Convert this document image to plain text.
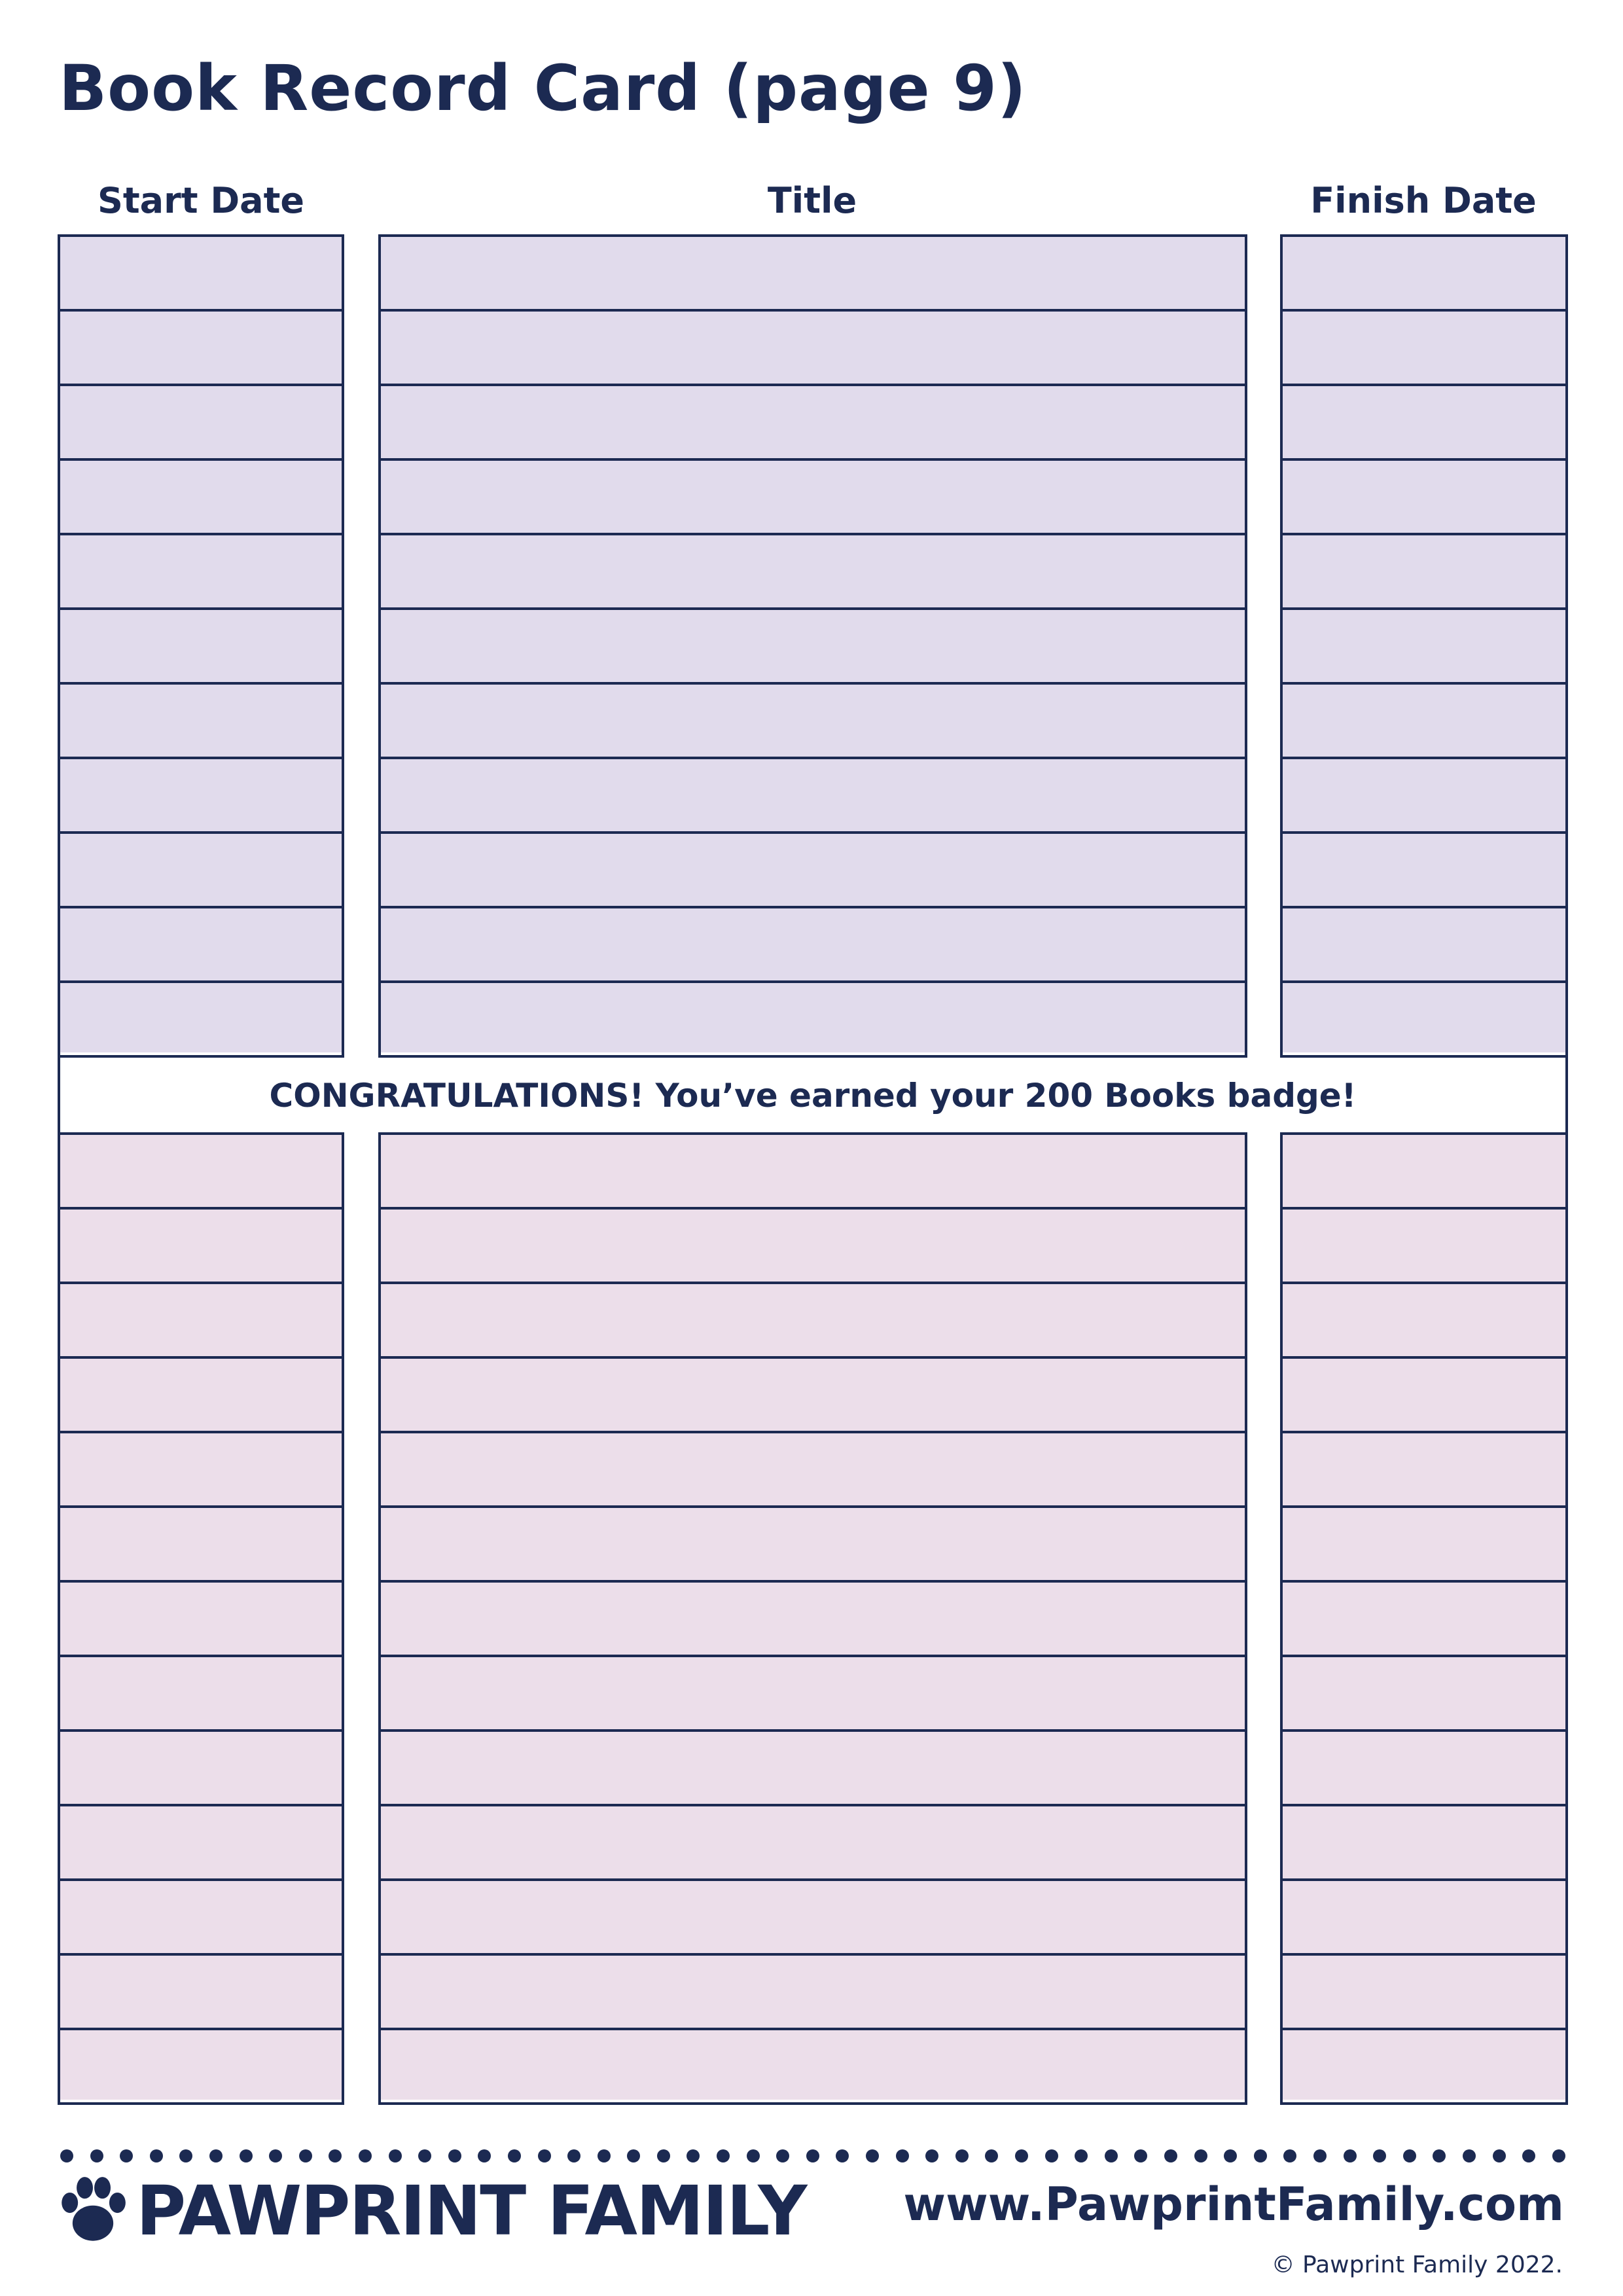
Book Record Card (page 9)
Start Date	Title	Finish Date
CONGRATULATIONS! You’ve earned your 200 Books badge!
PAWPRINT FAMILY www.PawprintFamily.com
© Pawprint Family 2022.
